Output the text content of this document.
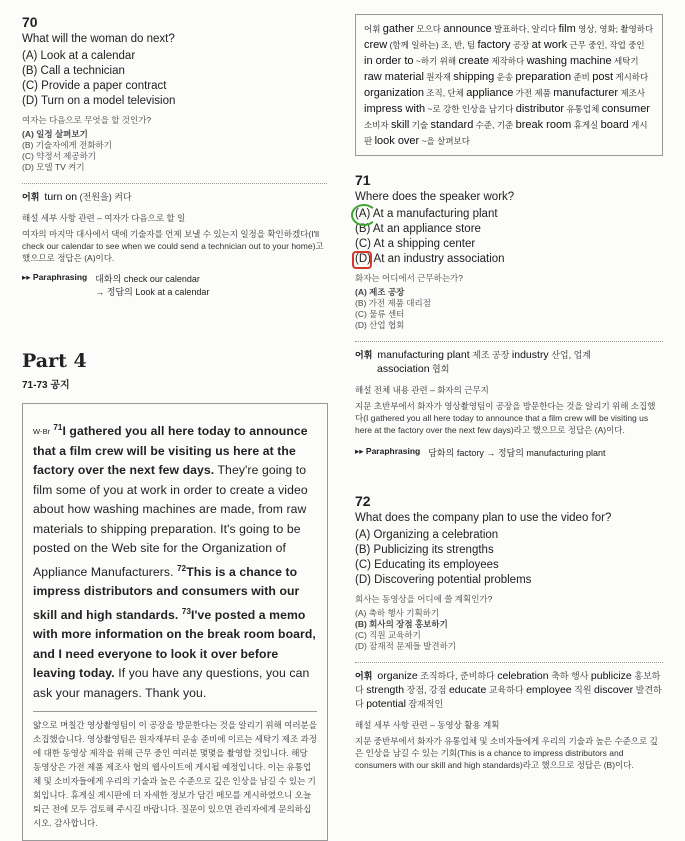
70
What will the woman do next?
(A) Look at a calendar
(B) Call a technician
(C) Provide a paper contract
(D) Turn on a model television
여자는 다음으로 무엇을 할 것인가?
(A) 일정 살펴보기
(B) 기술자에게 전화하기
(C) 약정서 제공하기
(D) 모델 TV 켜기
어휘 turn on (전원을) 켜다
해설 세부 사항 관련 – 여자가 다음으로 할 일
여자의 마지막 대사에서 댁에 기술자를 언제 보낼 수 있는지 일정을 확인하겠다(I'll check our calendar to see when we could send a technician out to your home)고 했으므로 정답은 (A)이다.
▸▸ Paraphrasing 대화의 check our calendar
→ 정답의 Look at a calendar
Part 4
71-73 공지

W-Br $^{71}$I gathered you all here today to announce that a film crew will be visiting us here at the factory over the next few days. They're going to film some of you at work in order to create a video about how washing machines are made, from raw materials to shipping preparation. It's going to be posted on the Web site for the Organization of Appliance Manufacturers. $^{72}$This is a chance to impress distributors and consumers with our skill and high standards. $^{73}$I've posted a memo with more information on the break room board, and I need everyone to look it over before leaving today. If you have any questions, you can ask your managers. Thank you.

얇으로 며칠간 영상촬영팀이 이 공장을 방문한다는 것을 알리기 위해 여러분을 소집했습니다. 영상촬영팀은 원자재부터 운송 준비에 이르는 세탁기 제조 과정에 대한 동영상 제작을 위해 근무 중인 여러분 몇몇을 촬영할 것입니다. 해당 동영상은 가전 제품 제조사 협의 웹사이트에 게시될 예정입니다. 이는 유통업체 및 소비자들에게 우리의 기술과 높은 수준으로 깊은 인상을 남길 수 있는 기회입니다. 휴게실 게시판에 더 자세한 정보가 담긴 메모를 게시하였으니 오늘 퇴근 전에 모두 검토해 주시길 바랍니다. 질문이 있으면 관리자에게 문의하십시오. 감사합니다.
어휘 gather 모으다 announce 발표하다, 알리다 film 영상, 영화; 촬영하다 crew (함께 일하는) 조, 반, 팀 factory 공장 at work 근무 중인, 작업 중인 in order to ~하기 위해 create 제작하다 washing machine 세탁기 raw material 원자재 shipping 운송 preparation 준비 post 게시하다 organization 조직, 단체 appliance 가전 제품 manufacturer 제조사 impress with ~로 강한 인상을 남기다 distributor 유통업체 consumer 소비자 skill 기술 standard 수준, 기준 break room 휴게실 board 게시판 look over ~을 살펴보다
71
Where does the speaker work?
(A) At a manufacturing plant
(B) At an appliance store
(C) At a shipping center
(D) At an industry association
화자는 어디에서 근무하는가?
(A) 제조 공장
(B) 가전 제품 대리점
(C) 물류 센터
(D) 산업 협회
어휘 manufacturing plant 제조 공장 industry 산업, 업계
association 협회
해설 전체 내용 관련 – 화자의 근무지
지문 초반부에서 화자가 영상촬영팀이 공장을 방문한다는 것을 알리기 위해 소집했다(I gathered you all here today to announce that a film crew will be visiting us here at the factory over the next few days)라고 했으므로 정답은 (A)이다.
▸▸ Paraphrasing 담화의 factory → 정답의 manufacturing plant
72
What does the company plan to use the video for?
(A) Organizing a celebration
(B) Publicizing its strengths
(C) Educating its employees
(D) Discovering potential problems
회사는 동영상을 어디에 쓸 계획인가?
(A) 축하 행사 기획하기
(B) 회사의 장점 홍보하기
(C) 직원 교육하기
(D) 잠재적 문제들 발견하기
어휘  organize 조직하다, 준비하다 celebration 축하 행사 publicize 홍보하다 strength 장점, 강점 educate 교육하다 employee 직원 discover 발견하다 potential 잠재적인
해설 세부 사항 관련 – 동영상 활용 계획
지문 중반부에서 화자가 유통업체 및 소비자들에게 우리의 기술과 높은 수준으로 깊은 인상을 남길 수 있는 기회(This is a chance to impress distributors and consumers with our skill and high standards)라고 했으므로 정답은 (B)이다.
